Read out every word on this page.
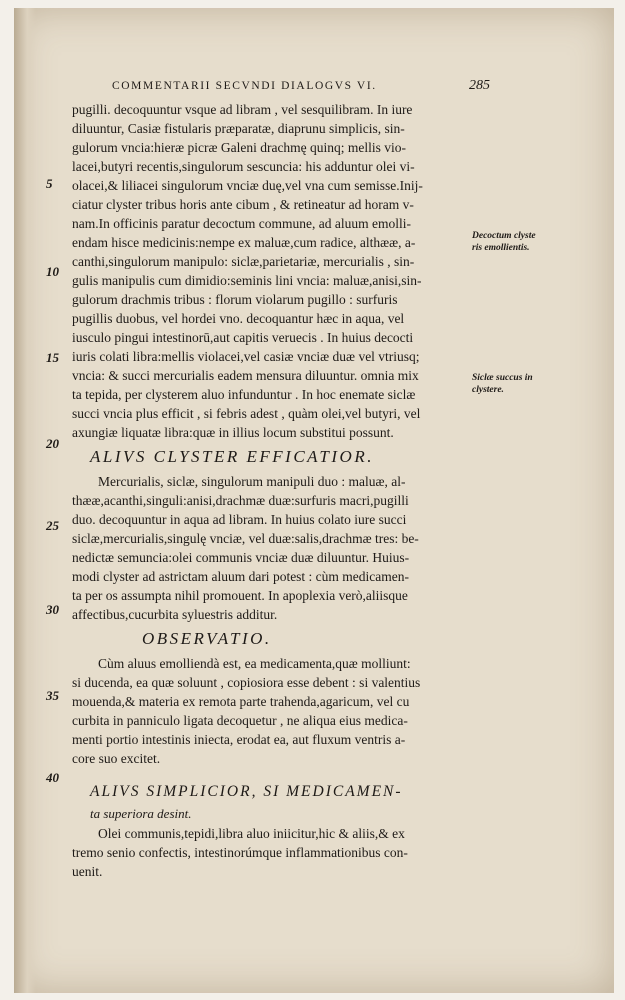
COMMENTARII SECVNDI DIALOGVS VI.	285
5
10
15
20
25
30
35
40
Decoctum clyste
ris emollientis.
Siclæ succus in
clystere.
pugilli. decoquuntur vsque ad libram , vel sesquilibram. In iure
diluuntur, Casiæ fistularis præparatæ, diaprunu simplicis, sin-
gulorum vncia:hieræ picræ Galeni drachmę quinq; mellis vio-
lacei,butyri recentis,singulorum sescuncia: his adduntur olei vi-
olacei,& liliacei singulorum vnciæ duę,vel vna cum semisse.Inij-
ciatur clyster tribus horis ante cibum , & retineatur ad horam v-
nam.In officinis paratur decoctum commune, ad aluum emolli-
endam hisce medicinis:nempe ex maluæ,cum radice, althææ, a-
canthi,singulorum manipulo: siclæ,parietariæ, mercurialis , sin-
gulis manipulis cum dimidio:seminis lini vncia: maluæ,anisi,sin-
gulorum drachmis tribus : florum violarum pugillo : surfuris
pugillis duobus, vel hordei vno. decoquantur hæc in aqua, vel
iusculo pingui intestinorū,aut capitis veruecis . In huius decocti
iuris colati libra:mellis violacei,vel casiæ vnciæ duæ vel vtriusq;
vncia: & succi mercurialis eadem mensura diluuntur. omnia mix
ta tepida, per clysterem aluo infunduntur . In hoc enemate siclæ
succi vncia plus efficit , si febris adest , quàm olei,vel butyri, vel
axungiæ liquatæ libra:quæ in illius locum substitui possunt.
ALIVS CLYSTER EFFICATIOR.
Mercurialis, siclæ, singulorum manipuli duo : maluæ, al-
thææ,acanthi,singuli:anisi,drachmæ duæ:surfuris macri,pugilli
duo. decoquuntur in aqua ad libram. In huius colato iure succi
siclæ,mercurialis,singulę vnciæ, vel duæ:salis,drachmæ tres: be-
nedictæ semuncia:olei communis vnciæ duæ diluuntur. Huius-
modi clyster ad astrictam aluum dari potest : cùm medicamen-
ta per os assumpta nihil promouent. In apoplexia verò,aliisque
affectibus,cucurbita syluestris additur.
OBSERVATIO.
Cùm aluus emolliendà est, ea medicamenta,quæ molliunt:
si ducenda, ea quæ soluunt , copiosiora esse debent : si valentius
mouenda,& materia ex remota parte trahenda,agaricum, vel cu
curbita in panniculo ligata decoquetur , ne aliqua eius medica-
menti portio intestinis iniecta, erodat ea, aut fluxum ventris a-
core suo excitet.
ALIVS SIMPLICIOR, SI MEDICAMEN-
ta superiora desint.
Olei communis,tepidi,libra aluo iniicitur,hic & aliis,& ex
tremo senio confectis, intestinorúmque inflammationibus con-
uenit.
